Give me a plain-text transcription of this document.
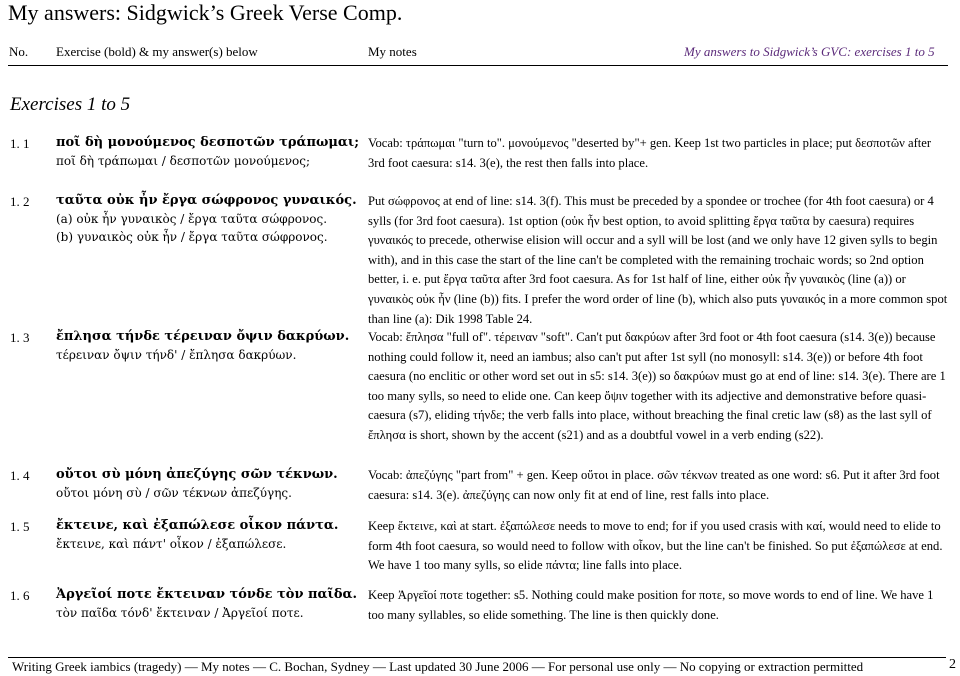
My answers: Sidgwick’s Greek Verse Comp.
No. Exercise (bold) & my answer(s) below	My notes	My answers to Sidgwick’s GVC: exercises 1 to 5
Exercises 1 to 5
1. 1 ποῖ δὴ μονούμενος δεσποτῶν τράπωμαι;
ποῖ δὴ τράπωμαι / δεσποτῶν μονούμενος;
Vocab: τράπωμαι "turn to". μονούμενος "deserted by"+ gen. Keep 1st two particles in place; put δεσποτῶν after 3rd foot caesura: s14. 3(e), the rest then falls into place.
1. 2 ταῦτα οὐκ ἦν ἔργα σώφρονος γυναικός.
(a) οὐκ ἦν γυναικὸς / ἔργα ταῦτα σώφρονος.
(b) γυναικὸς οὐκ ἦν / ἔργα ταῦτα σώφρονος.
Put σώφρονος at end of line: s14. 3(f). This must be preceded by a spondee or trochee (for 4th foot caesura) or 4 sylls (for 3rd foot caesura). 1st option (οὐκ ἦν best option, to avoid splitting ἔργα ταῦτα by caesura) requires γυναικός to precede, otherwise elision will occur and a syll will be lost (and we only have 12 given sylls to begin with), and in this case the start of the line can't be completed with the remaining trochaic words; so 2nd option better, i. e. put ἔργα ταῦτα after 3rd foot caesura. As for 1st half of line, either οὐκ ἦν γυναικὸς (line (a)) or γυναικὸς οὐκ ἦν (line (b)) fits. I prefer the word order of line (b), which also puts γυναικός in a more common spot than line (a): Dik 1998 Table 24.
1. 3 ἔπλησα τήνδε τέρειναν ὄψιν δακρύων.
τέρειναν ὄψιν τήνδ' / ἔπλησα δακρύων.
Vocab: ἔπλησα "full of". τέρειναν "soft". Can't put δακρύων after 3rd foot or 4th foot caesura (s14. 3(e)) because nothing could follow it, need an iambus; also can't put after 1st syll (no monosyll: s14. 3(e)) or before 4th foot caesura (no enclitic or other word set out in s5: s14. 3(e)) so δακρύων must go at end of line: s14. 3(e). There are 1 too many sylls, so need to elide one. Can keep ὄψιν together with its adjective and demonstrative before quasi-caesura (s7), eliding τήνδε; the verb falls into place, without breaching the final cretic law (s8) as the last syll of ἔπλησα is short, shown by the accent (s21) and as a doubtful vowel in a verb ending (s22).
1. 4 οὔτοι σὺ μόνη ἀπεζύγης σῶν τέκνων.
οὔτοι μόνη σὺ / σῶν τέκνων ἀπεζύγης.
Vocab: ἀπεζύγης "part from" + gen. Keep οὔτοι in place. σῶν τέκνων treated as one word: s6. Put it after 3rd foot caesura: s14. 3(e). ἀπεζύγης can now only fit at end of line, rest falls into place.
1. 5 ἔκτεινε, καὶ ἐξαπώλεσε οἶκον πάντα.
ἔκτεινε, καὶ πάντ' οἶκον / ἐξαπώλεσε.
Keep ἔκτεινε, καὶ at start. ἐξαπώλεσε needs to move to end; for if you used crasis with καί, would need to elide to form 4th foot caesura, so would need to follow with οἶκον, but the line can't be finished. So put ἐξαπώλεσε at end. We have 1 too many sylls, so elide πάντα; line falls into place.
1. 6 Ἀργεῖοί ποτε ἔκτειναν τόνδε τὸν παῖδα.
τὸν παῖδα τόνδ' ἔκτειναν / Ἀργεῖοί ποτε.
Keep Ἀργεῖοί ποτε together: s5. Nothing could make position for ποτε, so move words to end of line. We have 1 too many syllables, so elide something. The line is then quickly done.
Writing Greek iambics (tragedy) — My notes — C. Bochan, Sydney — Last updated 30 June 2006 — For personal use only — No copying or extraction permitted	2
